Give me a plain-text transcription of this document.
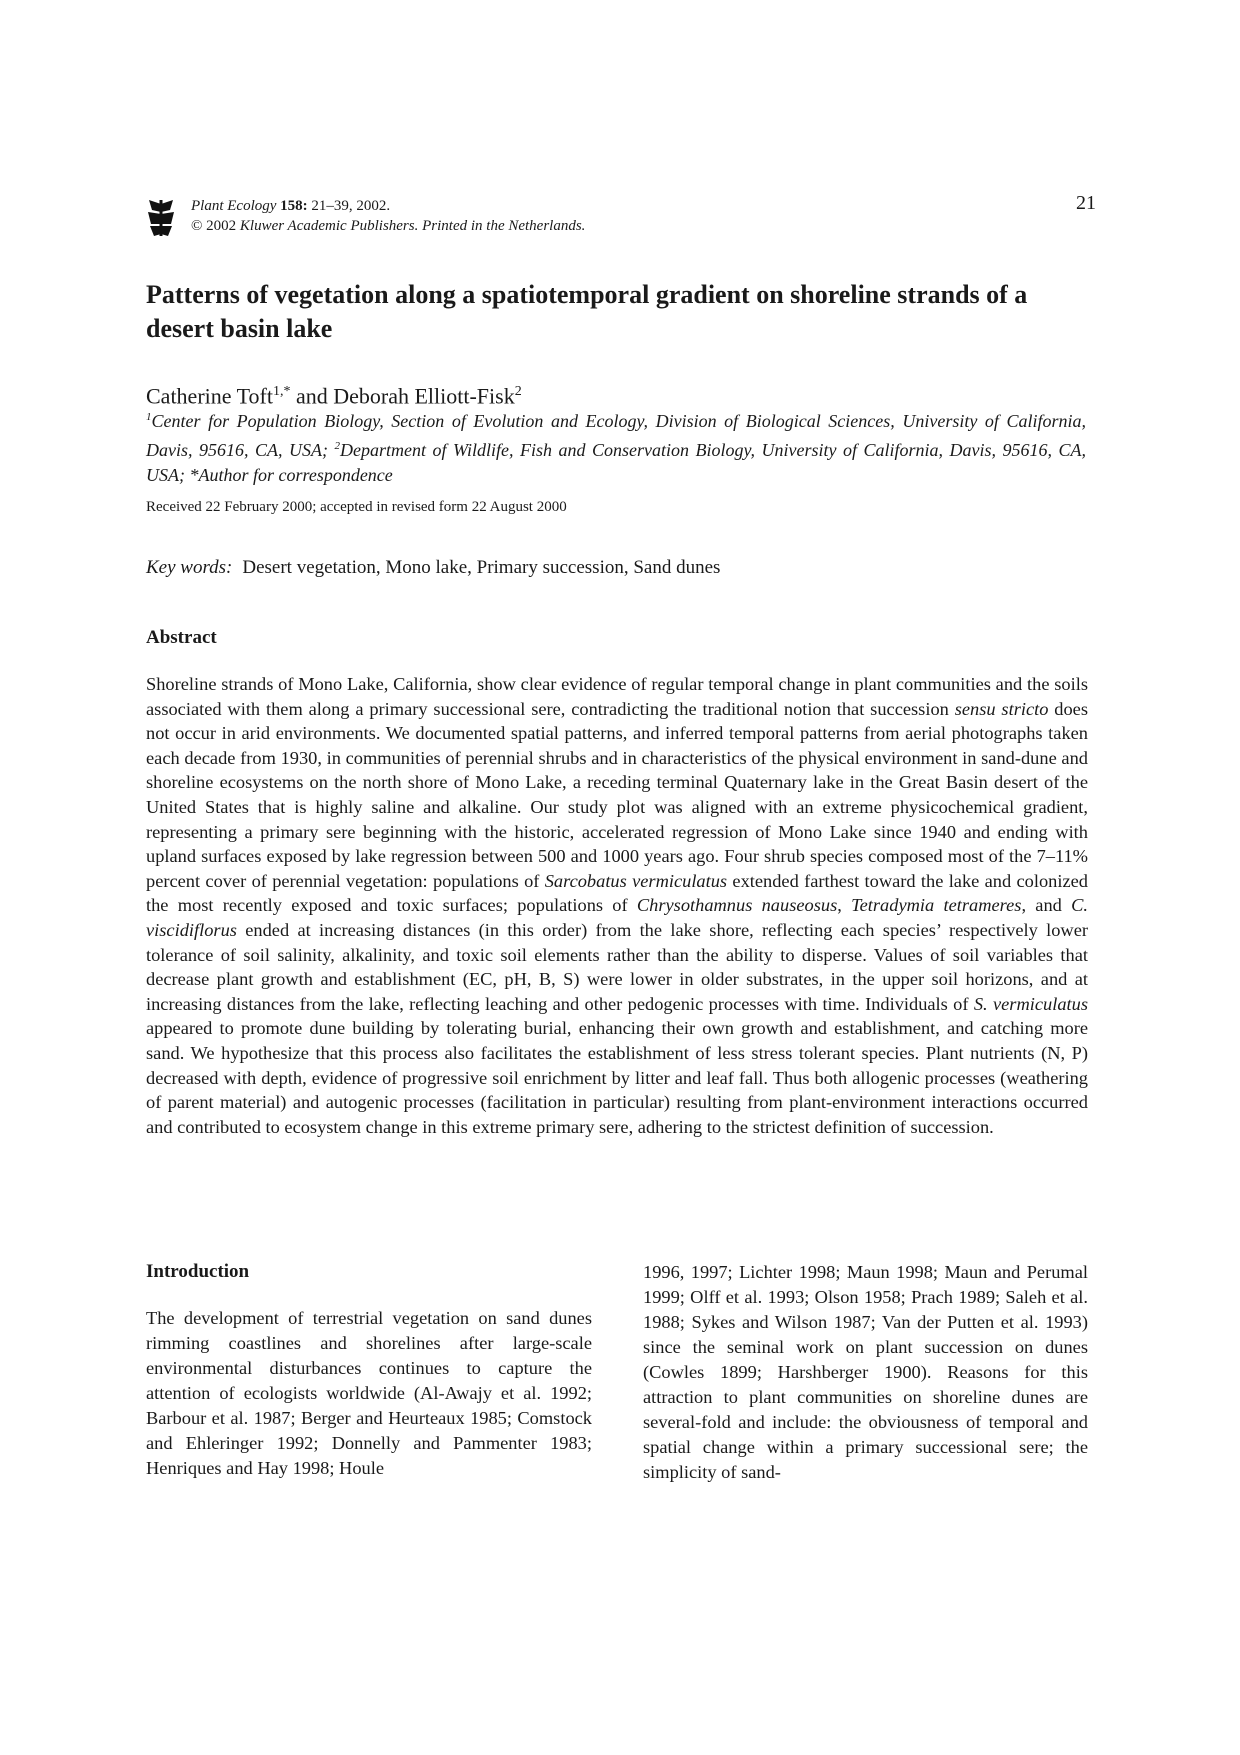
Plant Ecology 158: 21–39, 2002.
© 2002 Kluwer Academic Publishers. Printed in the Netherlands.
21
Patterns of vegetation along a spatiotemporal gradient on shoreline strands of a desert basin lake
Catherine Toft$^{1,*}$ and Deborah Elliott-Fisk$^2$
$^1$Center for Population Biology, Section of Evolution and Ecology, Division of Biological Sciences, University of California, Davis, 95616, CA, USA; $^2$Department of Wildlife, Fish and Conservation Biology, University of California, Davis, 95616, CA, USA; *Author for correspondence
Received 22 February 2000; accepted in revised form 22 August 2000
Key words: Desert vegetation, Mono lake, Primary succession, Sand dunes
Abstract

Shoreline strands of Mono Lake, California, show clear evidence of regular temporal change in plant communities and the soils associated with them along a primary successional sere, contradicting the traditional notion that succession sensu stricto does not occur in arid environments. We documented spatial patterns, and inferred temporal patterns from aerial photographs taken each decade from 1930, in communities of perennial shrubs and in characteristics of the physical environment in sand-dune and shoreline ecosystems on the north shore of Mono Lake, a receding terminal Quaternary lake in the Great Basin desert of the United States that is highly saline and alkaline. Our study plot was aligned with an extreme physicochemical gradient, representing a primary sere beginning with the historic, accelerated regression of Mono Lake since 1940 and ending with upland surfaces exposed by lake regression between 500 and 1000 years ago. Four shrub species composed most of the 7–11% percent cover of perennial vegetation: populations of Sarcobatus vermiculatus extended farthest toward the lake and colonized the most recently exposed and toxic surfaces; populations of Chrysothamnus nauseosus, Tetradymia tetrameres, and C. viscidiflorus ended at increasing distances (in this order) from the lake shore, reflecting each species’ respectively lower tolerance of soil salinity, alkalinity, and toxic soil elements rather than the ability to disperse. Values of soil variables that decrease plant growth and establishment (EC, pH, B, S) were lower in older substrates, in the upper soil horizons, and at increasing distances from the lake, reflecting leaching and other pedogenic processes with time. Individuals of S. vermiculatus appeared to promote dune building by tolerating burial, enhancing their own growth and establishment, and catching more sand. We hypothesize that this process also facilitates the establishment of less stress tolerant species. Plant nutrients (N, P) decreased with depth, evidence of progressive soil enrichment by litter and leaf fall. Thus both allogenic processes (weathering of parent material) and autogenic processes (facilitation in particular) resulting from plant-environment interactions occurred and contributed to ecosystem change in this extreme primary sere, adhering to the strictest definition of succession.

Introduction

The development of terrestrial vegetation on sand dunes rimming coastlines and shorelines after large-scale environmental disturbances continues to capture the attention of ecologists worldwide (Al-Awajy et al. 1992; Barbour et al. 1987; Berger and Heurteaux 1985; Comstock and Ehleringer 1992; Donnelly and Pammenter 1983; Henriques and Hay 1998; Houle

1996, 1997; Lichter 1998; Maun 1998; Maun and Perumal 1999; Olff et al. 1993; Olson 1958; Prach 1989; Saleh et al. 1988; Sykes and Wilson 1987; Van der Putten et al. 1993) since the seminal work on plant succession on dunes (Cowles 1899; Harshberger 1900). Reasons for this attraction to plant communities on shoreline dunes are several-fold and include: the obviousness of temporal and spatial change within a primary successional sere; the simplicity of sand-
